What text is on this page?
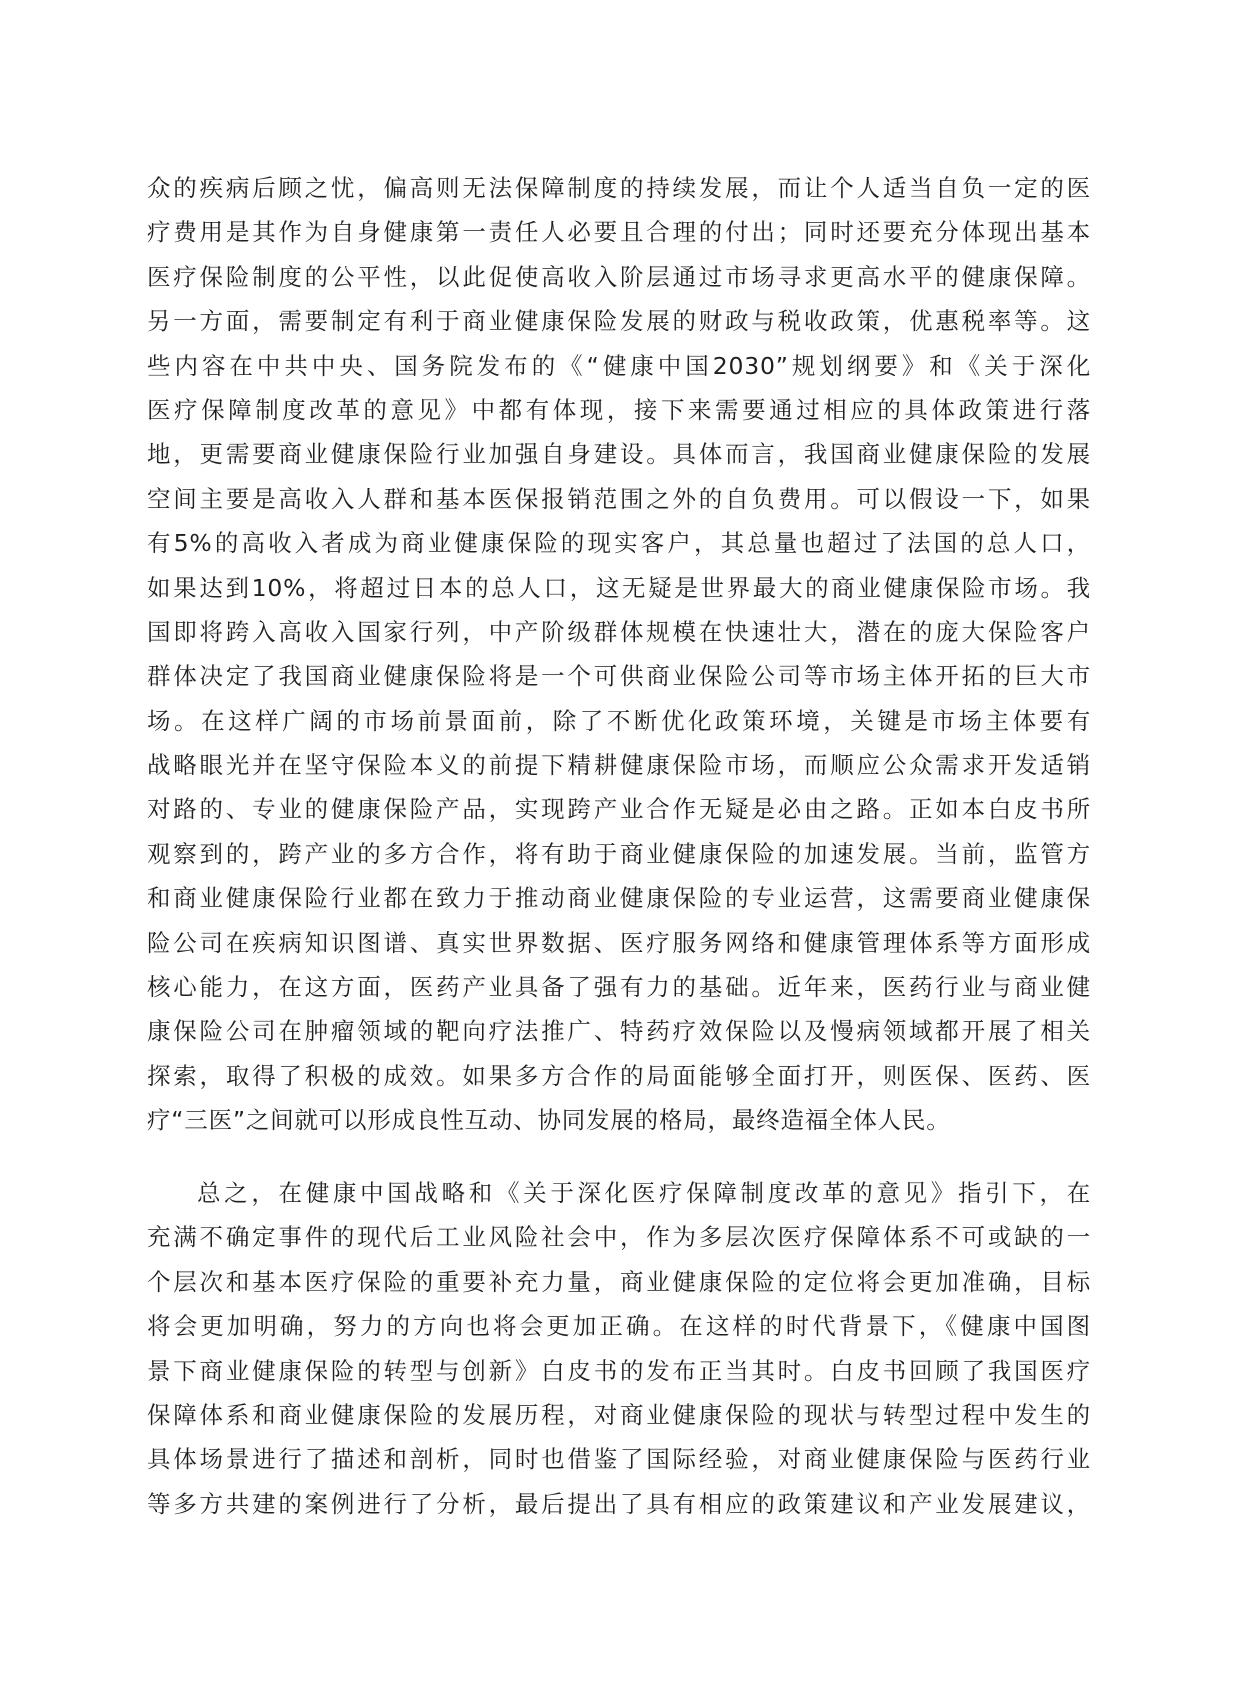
众的疾病后顾之忧，偏高则无法保障制度的持续发展，而让个人适当自负一定的医
疗费用是其作为自身健康第一责任人必要且合理的付出；同时还要充分体现出基本
医疗保险制度的公平性，以此促使高收入阶层通过市场寻求更高水平的健康保障。
另一方面，需要制定有利于商业健康保险发展的财政与税收政策，优惠税率等。这
些内容在中共中央、国务院发布的《“健康中国2030”规划纲要》和《关于深化
医疗保障制度改革的意见》中都有体现，接下来需要通过相应的具体政策进行落
地，更需要商业健康保险行业加强自身建设。具体而言，我国商业健康保险的发展
空间主要是高收入人群和基本医保报销范围之外的自负费用。可以假设一下，如果
有5%的高收入者成为商业健康保险的现实客户，其总量也超过了法国的总人口，
如果达到10%，将超过日本的总人口，这无疑是世界最大的商业健康保险市场。我
国即将跨入高收入国家行列，中产阶级群体规模在快速壮大，潜在的庞大保险客户
群体决定了我国商业健康保险将是一个可供商业保险公司等市场主体开拓的巨大市
场。在这样广阔的市场前景面前，除了不断优化政策环境，关键是市场主体要有
战略眼光并在坚守保险本义的前提下精耕健康保险市场，而顺应公众需求开发适销
对路的、专业的健康保险产品，实现跨产业合作无疑是必由之路。正如本白皮书所
观察到的，跨产业的多方合作，将有助于商业健康保险的加速发展。当前，监管方
和商业健康保险行业都在致力于推动商业健康保险的专业运营，这需要商业健康保
险公司在疾病知识图谱、真实世界数据、医疗服务网络和健康管理体系等方面形成
核心能力，在这方面，医药产业具备了强有力的基础。近年来，医药行业与商业健
康保险公司在肿瘤领域的靶向疗法推广、特药疗效保险以及慢病领域都开展了相关
探索，取得了积极的成效。如果多方合作的局面能够全面打开，则医保、医药、医
疗“三医”之间就可以形成良性互动、协同发展的格局，最终造福全体人民。
总之，在健康中国战略和《关于深化医疗保障制度改革的意见》指引下，在
充满不确定事件的现代后工业风险社会中，作为多层次医疗保障体系不可或缺的一
个层次和基本医疗保险的重要补充力量，商业健康保险的定位将会更加准确，目标
将会更加明确，努力的方向也将会更加正确。在这样的时代背景下，《健康中国图
景下商业健康保险的转型与创新》白皮书的发布正当其时。白皮书回顾了我国医疗
保障体系和商业健康保险的发展历程，对商业健康保险的现状与转型过程中发生的
具体场景进行了描述和剖析，同时也借鉴了国际经验，对商业健康保险与医药行业
等多方共建的案例进行了分析，最后提出了具有相应的政策建议和产业发展建议，
